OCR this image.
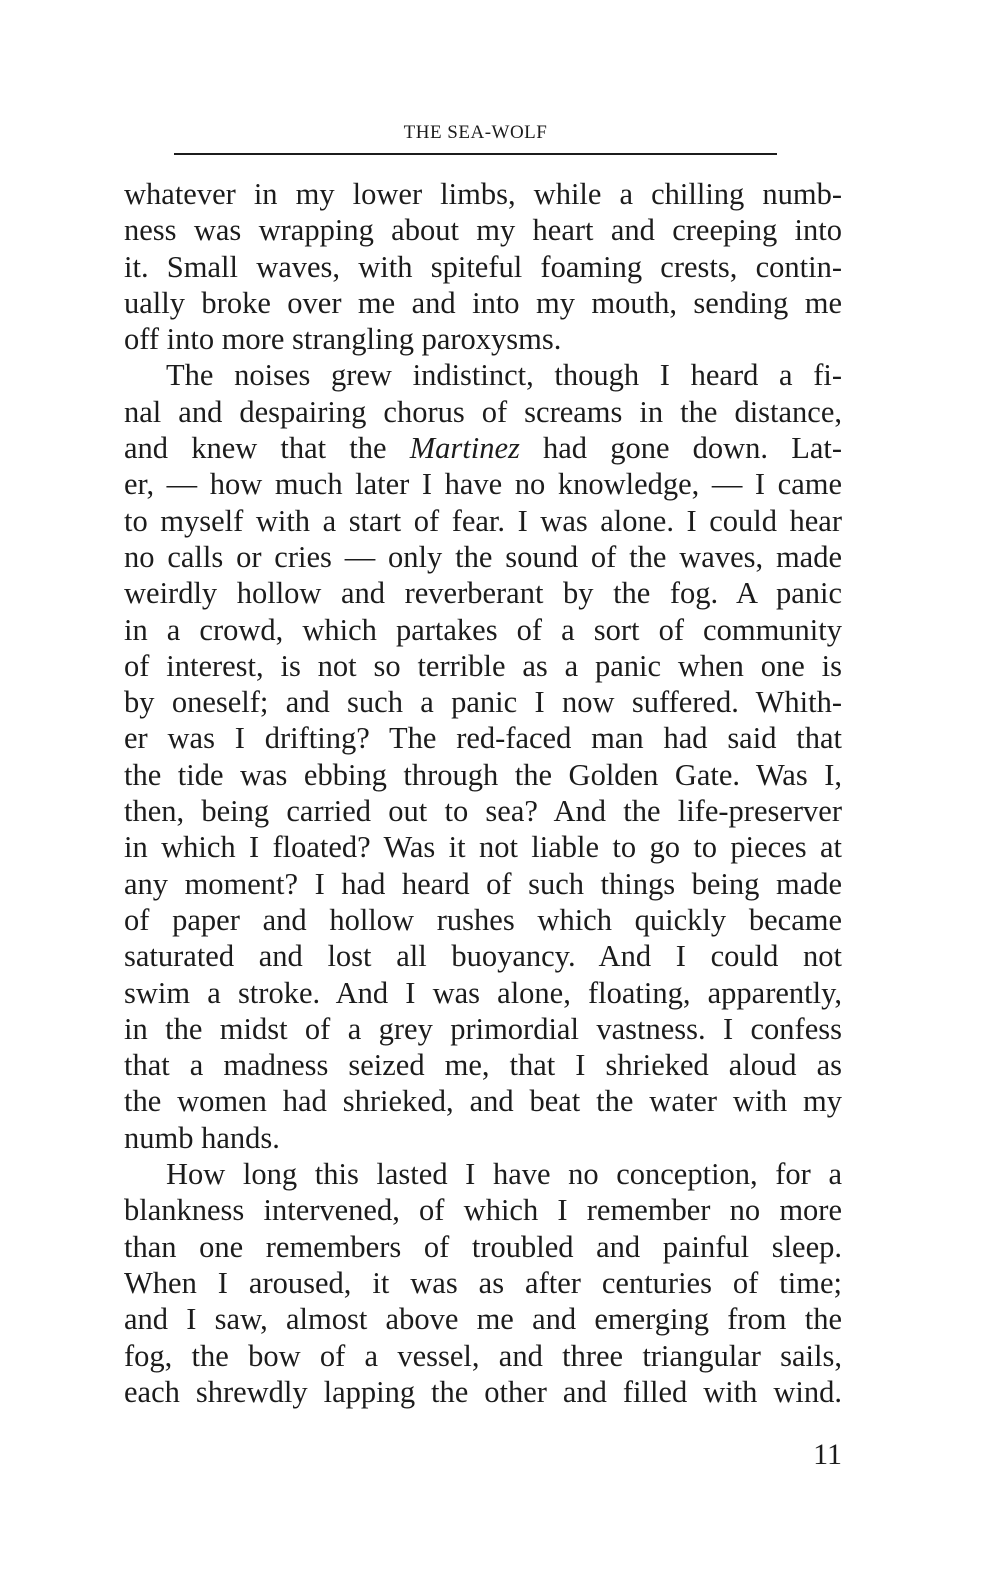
THE SEA-WOLF
whatever in my lower limbs, while a chilling numb-
ness was wrapping about my heart and creeping into
it. Small waves, with spiteful foaming crests, contin-
ually broke over me and into my mouth, sending me
off into more strangling paroxysms.
The noises grew indistinct, though I heard a fi-
nal and despairing chorus of screams in the distance,
and knew that the Martinez had gone down. Lat-
er, — how much later I have no knowledge, — I came
to myself with a start of fear. I was alone. I could hear
no calls or cries — only the sound of the waves, made
weirdly hollow and reverberant by the fog. A panic
in a crowd, which partakes of a sort of community
of interest, is not so terrible as a panic when one is
by oneself; and such a panic I now suffered. Whith-
er was I drifting? The red-faced man had said that
the tide was ebbing through the Golden Gate. Was I,
then, being carried out to sea? And the life-preserver
in which I floated? Was it not liable to go to pieces at
any moment? I had heard of such things being made
of paper and hollow rushes which quickly became
saturated and lost all buoyancy. And I could not
swim a stroke. And I was alone, floating, apparently,
in the midst of a grey primordial vastness. I confess
that a madness seized me, that I shrieked aloud as
the women had shrieked, and beat the water with my
numb hands.
How long this lasted I have no conception, for a
blankness intervened, of which I remember no more
than one remembers of troubled and painful sleep.
When I aroused, it was as after centuries of time;
and I saw, almost above me and emerging from the
fog, the bow of a vessel, and three triangular sails,
each shrewdly lapping the other and filled with wind.
11
